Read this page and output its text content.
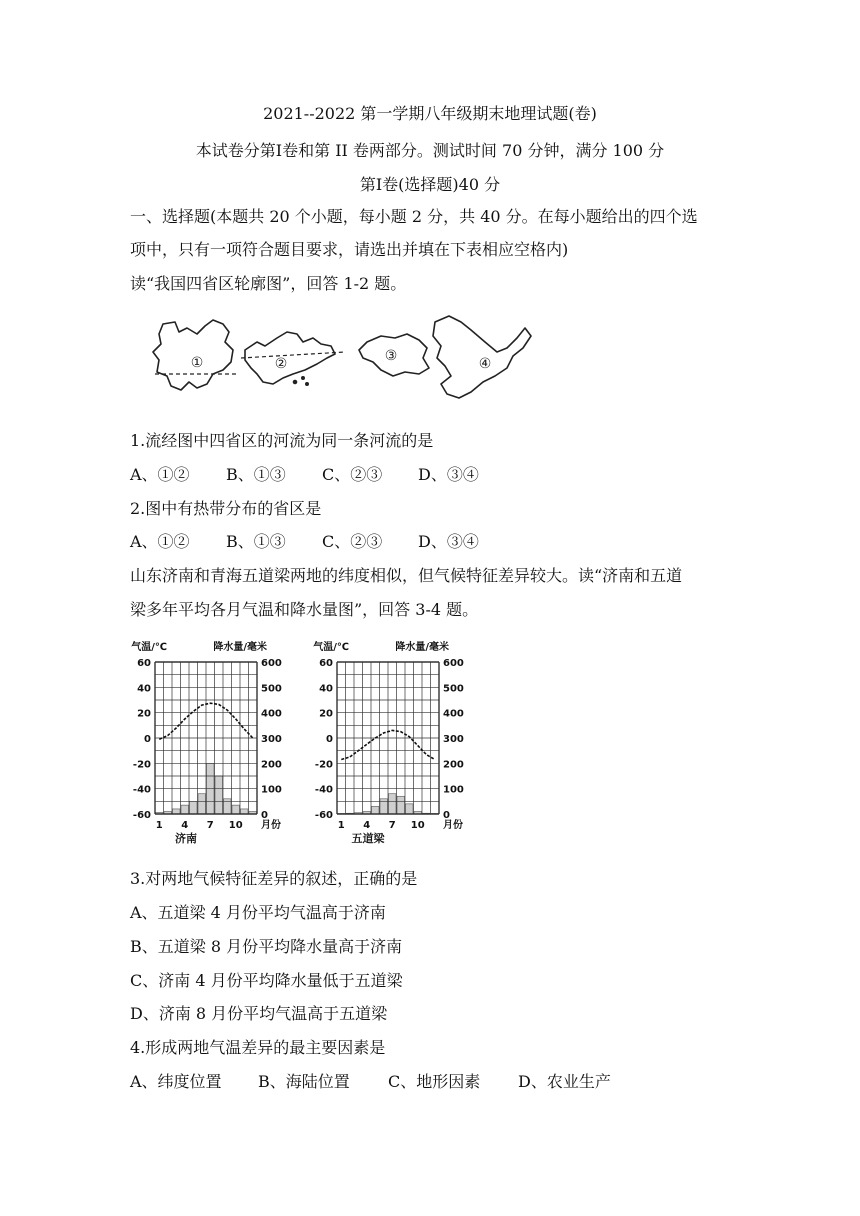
2021--2022 第一学期八年级期末地理试题(卷)
本试卷分第Ⅰ卷和第 II 卷两部分。测试时间 70 分钟，满分 100 分
第Ⅰ卷(选择题)40 分
一、选择题(本题共 20 个小题，每小题 2 分，共 40 分。在每小题给出的四个选
项中，只有一项符合题目要求，请选出并填在下表相应空格内)
读“我国四省区轮廓图”，回答 1-2 题。
①	②	③	④
1.流经图中四省区的河流为同一条河流的是
A、①② B、①③ C、②③ D、③④
2.图中有热带分布的省区是
A、①② B、①③ C、②③ D、③④
山东济南和青海五道梁两地的纬度相似，但气候特征差异较大。读“济南和五道
梁多年平均各月气温和降水量图”，回答 3-4 题。
60
40
20
0
-20
-40
-60
600
500
400
300
200
100
0
1 4 7 10 月份
气温/℃	降水量/毫米
济南
60
40
20
0
-20
-40
-60
600
500
400
300
200
100
0
1 4 7 10 月份
气温/℃	降水量/毫米
五道梁
3.对两地气候特征差异的叙述，正确的是
A、五道梁 4 月份平均气温高于济南
B、五道梁 8 月份平均降水量高于济南
C、济南 4 月份平均降水量低于五道梁
D、济南 8 月份平均气温高于五道梁
4.形成两地气温差异的最主要因素是
A、纬度位置 B、海陆位置 C、地形因素 D、农业生产
